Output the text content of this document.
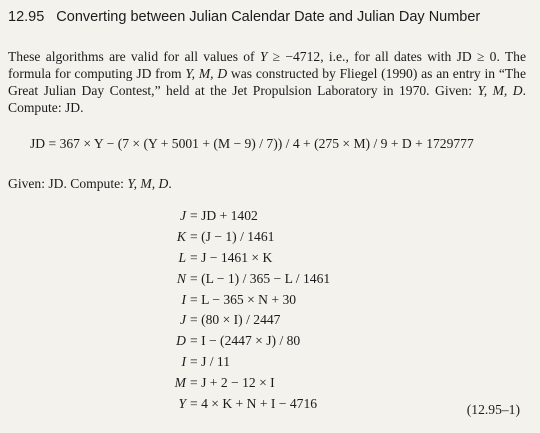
12.95 Converting between Julian Calendar Date and Julian Day Number

These algorithms are valid for all values of Y ≥ −4712, i.e., for all dates with JD ≥ 0. The formula for computing JD from Y, M, D was constructed by Fliegel (1990) as an entry in “The Great Julian Day Contest,” held at the Jet Propulsion Laboratory in 1970. Given: Y, M, D. Compute: JD.

JD = 367 × Y − (7 × (Y + 5001 + (M − 9) / 7)) / 4 + (275 × M) / 9 + D + 1729777
Given: JD. Compute: Y, M, D.
J = JD + 1402
K = (J − 1) / 1461
L = J − 1461 × K
N = (L − 1) / 365 − L / 1461
I = L − 365 × N + 30
J = (80 × I) / 2447
D = I − (2447 × J) / 80
I = J / 11
M = J + 2 − 12 × I
Y = 4 × K + N + I − 4716	(12.95–1)
